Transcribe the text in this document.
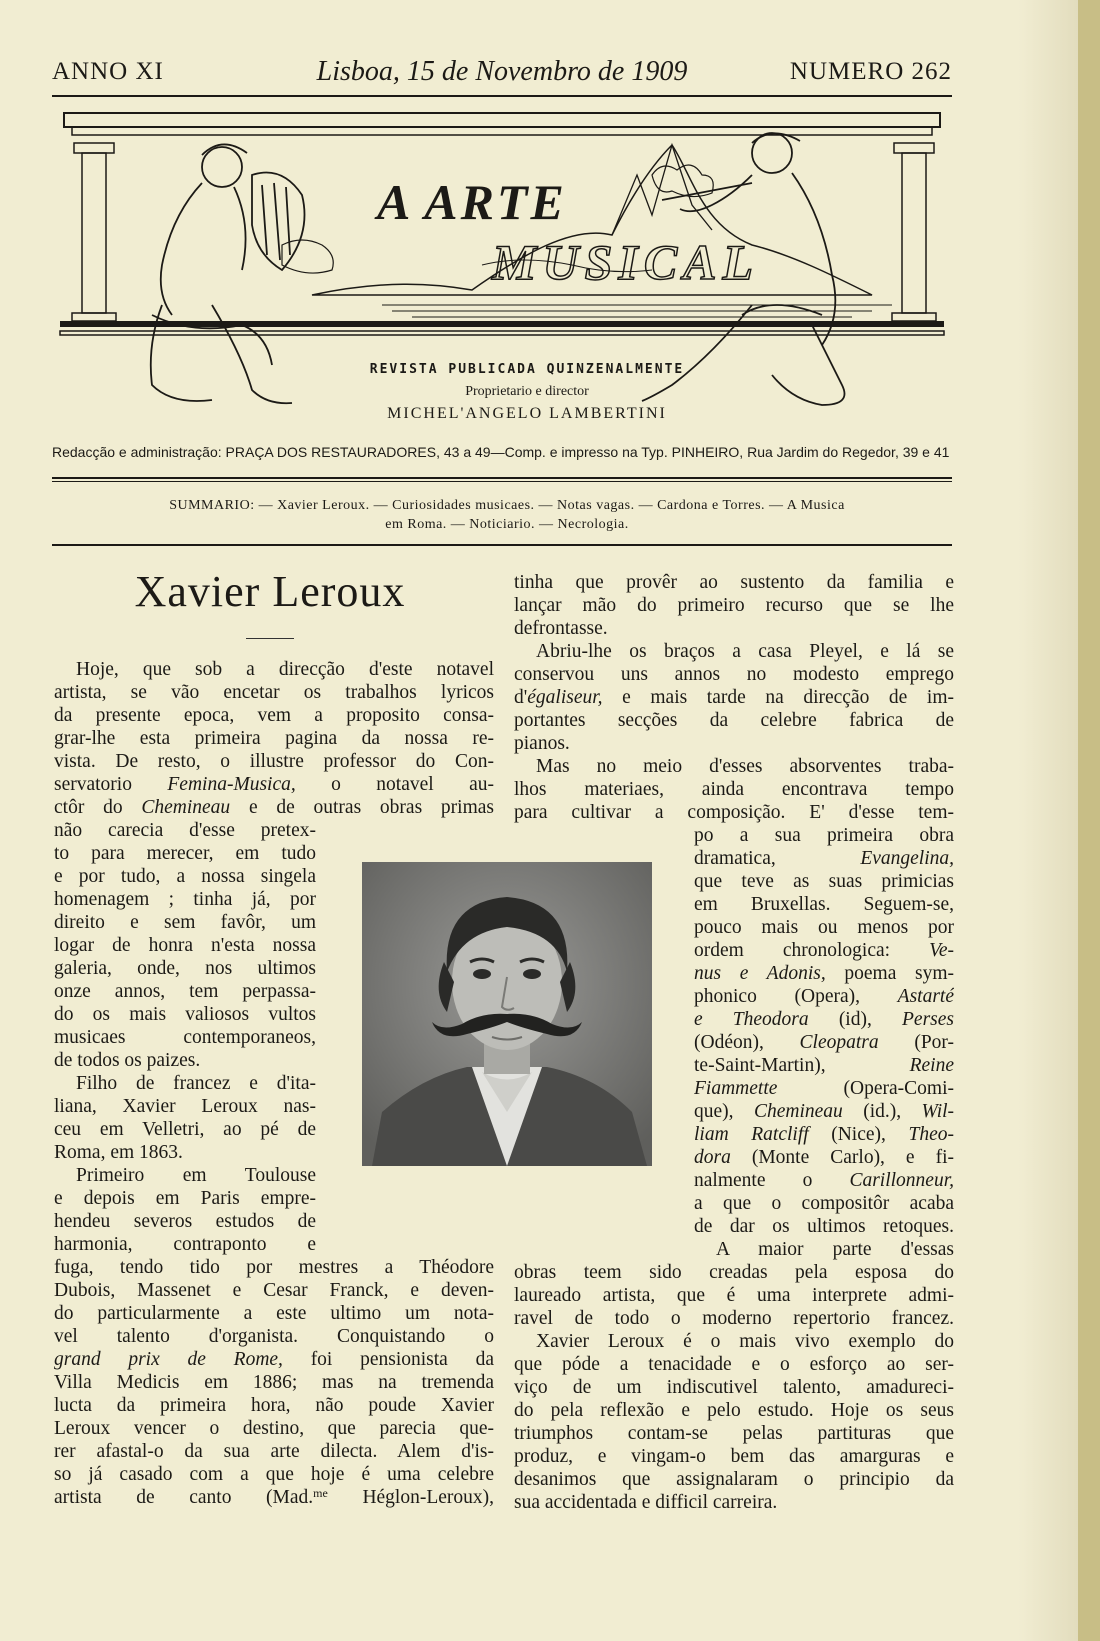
ANNO XI	Lisboa, 15 de Novembro de 1909	NUMERO 262
A ARTE
MUSICAL
REVISTA PUBLICADA QUINZENALMENTE
Proprietario e director
MICHEL'ANGELO LAMBERTINI
Redacção e administração: PRAÇA DOS RESTAURADORES, 43 a 49—Comp. e impresso na Typ. PINHEIRO, Rua Jardim do Regedor, 39 e 41
SUMMARIO: — Xavier Leroux. — Curiosidades musicaes. — Notas vagas. — Cardona e Torres. — A Musica
em Roma. — Noticiario. — Necrologia.
Xavier Leroux
Hoje, que sob a direcção d'este notavel
artista, se vão encetar os trabalhos lyricos
da presente epoca, vem a proposito consa-
grar-lhe esta primeira pagina da nossa re-
vista. De resto, o illustre professor do Con-
servatorio Femina-Musica, o notavel au-
ctôr do Chemineau e de outras obras primas
não carecia d'esse pretex-
to para merecer, em tudo
e por tudo, a nossa singela
homenagem ; tinha já, por
direito e sem favôr, um
logar de honra n'esta nossa
galeria, onde, nos ultimos
onze annos, tem perpassa-
do os mais valiosos vultos
musicaes contemporaneos,
de todos os paizes.
Filho de francez e d'ita-
liana, Xavier Leroux nas-
ceu em Velletri, ao pé de
Roma, em 1863.
Primeiro em Toulouse
e depois em Paris empre-
hendeu severos estudos de
harmonia, contraponto e
fuga, tendo tido por mestres a Théodore
Dubois, Massenet e Cesar Franck, e deven-
do particularmente a este ultimo um nota-
vel talento d'organista. Conquistando o
grand prix de Rome, foi pensionista da
Villa Medicis em 1886; mas na tremenda
lucta da primeira hora, não poude Xavier
Leroux vencer o destino, que parecia que-
rer afastal-o da sua arte dilecta. Alem d'is-
so já casado com a que hoje é uma celebre
artista de canto (Mad.$^{me}$ Héglon-Leroux),
tinha que provêr ao sustento da familia e
lançar mão do primeiro recurso que se lhe
defrontasse.
Abriu-lhe os braços a casa Pleyel, e lá se
conservou uns annos no modesto emprego
d'égaliseur, e mais tarde na direcção de im-
portantes secções da celebre fabrica de
pianos.
Mas no meio d'esses absorventes traba-
lhos materiaes, ainda encontrava tempo
para cultivar a composição. E' d'esse tem-
po a sua primeira obra
dramatica,	Evangelina,
que teve as suas primicias
em Bruxellas. Seguem-se,
pouco mais ou menos por
ordem chronologica: Ve-
nus e Adonis, poema sym-
phonico (Opera), Astarté
e Theodora (id), Perses
(Odéon), Cleopatra (Por-
te-Saint-Martin),	Reine
Fiammette	(Opera-Comi-
que), Chemineau (id.), Wil-
liam Ratcliff (Nice), Theo-
dora (Monte Carlo), e fi-
nalmente o Carillonneur,
a que o compositôr acaba
de dar os ultimos retoques.
A maior parte d'essas
obras teem sido creadas pela esposa do
laureado artista, que é uma interprete admi-
ravel de todo o moderno repertorio francez.
Xavier Leroux é o mais vivo exemplo do
que póde a tenacidade e o esforço ao ser-
viço de um indiscutivel talento, amadureci-
do pela reflexão e pelo estudo. Hoje os seus
triumphos contam-se pelas partituras que
produz, e vingam-o bem das amarguras e
desanimos que assignalaram o principio da
sua accidentada e difficil carreira.
